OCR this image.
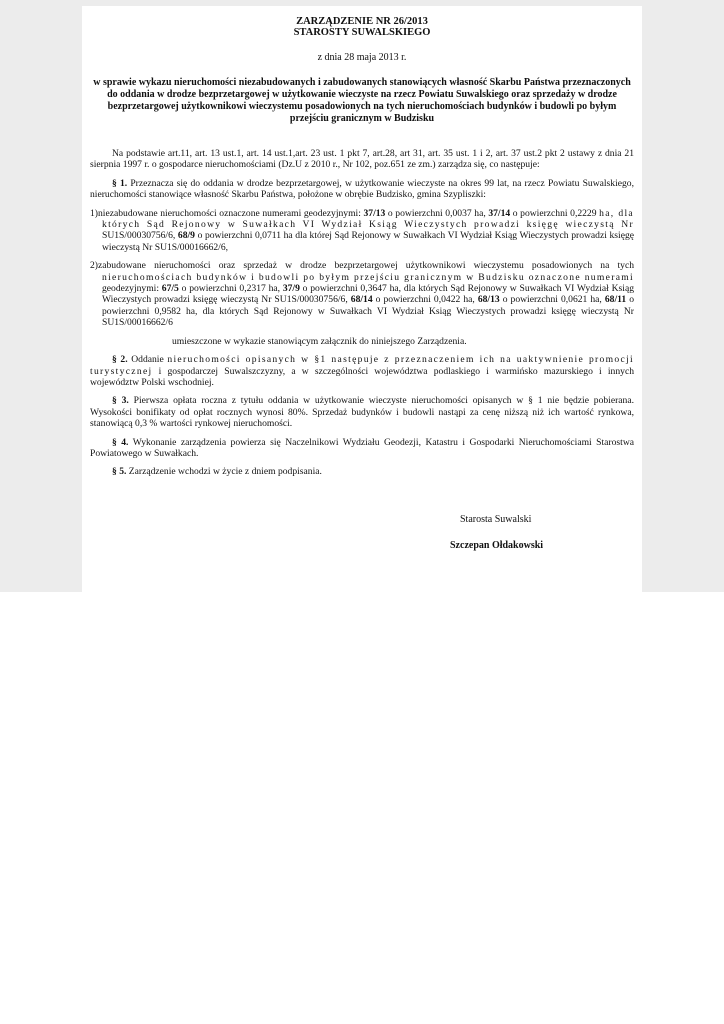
ZARZĄDZENIE NR 26/2013
STAROSTY SUWALSKIEGO
z dnia 28 maja 2013 r.
w sprawie wykazu nieruchomości niezabudowanych i zabudowanych stanowiących własność Skarbu Państwa przeznaczonych do oddania w drodze bezprzetargowej w użytkowanie wieczyste na rzecz Powiatu Suwalskiego oraz sprzedaży w drodze bezprzetargowej użytkownikowi wieczystemu posadowionych na tych nieruchomościach budynków i budowli po byłym przejściu granicznym w Budzisku

Na podstawie art.11, art. 13 ust.1, art. 14 ust.1,art. 23 ust. 1 pkt 7, art.28, art 31, art. 35 ust. 1 i 2, art. 37 ust.2 pkt 2 ustawy z dnia 21 sierpnia 1997 r. o gospodarce nieruchomościami (Dz.U z 2010 r., Nr 102, poz.651 ze zm.) zarządza się, co następuje:

§ 1. Przeznacza się do oddania w drodze bezprzetargowej, w użytkowanie wieczyste na okres 99 lat, na rzecz Powiatu Suwalskiego, nieruchomości stanowiące własność Skarbu Państwa, położone w obrębie Budzisko, gmina Szypliszki:

1)niezabudowane nieruchomości oznaczone numerami geodezyjnymi: 37/13 o powierzchni 0,0037 ha, 37/14 o powierzchni 0,2229 ha, dla których Sąd Rejonowy w Suwałkach VI Wydział Ksiąg Wieczystych prowadzi księgę wieczystą Nr SU1S/00030756/6, 68/9 o powierzchni 0,0711 ha dla której Sąd Rejonowy w Suwałkach VI Wydział Ksiąg Wieczystych prowadzi księgę wieczystą Nr SU1S/00016662/6,
2)zabudowane nieruchomości oraz sprzedaż w drodze bezprzetargowej użytkownikowi wieczystemu posadowionych na tych nieruchomościach budynków i budowli po byłym przejściu granicznym w Budzisku oznaczone numerami geodezyjnymi: 67/5 o powierzchni 0,2317 ha, 37/9 o powierzchni 0,3647 ha, dla których Sąd Rejonowy w Suwałkach VI Wydział Ksiąg Wieczystych prowadzi księgę wieczystą Nr SU1S/00030756/6, 68/14 o powierzchni 0,0422 ha, 68/13 o powierzchni 0,0621 ha, 68/11 o powierzchni 0,9582 ha, dla których Sąd Rejonowy w Suwałkach VI Wydział Ksiąg Wieczystych prowadzi księgę wieczystą Nr SU1S/00016662/6

umieszczone w wykazie stanowiącym załącznik do niniejszego Zarządzenia.

§ 2. Oddanie nieruchomości opisanych w §1 następuje z przeznaczeniem ich na uaktywnienie promocji turystycznej i gospodarczej Suwalszczyzny, a w szczególności województwa podlaskiego i warmińsko mazurskiego i innych województw Polski wschodniej.

§ 3. Pierwsza opłata roczna z tytułu oddania w użytkowanie wieczyste nieruchomości opisanych w § 1 nie będzie pobierana. Wysokości bonifikaty od opłat rocznych wynosi 80%. Sprzedaż budynków i budowli nastąpi za cenę niższą niż ich wartość rynkowa, stanowiącą 0,3 % wartości rynkowej nieruchomości.

§ 4. Wykonanie zarządzenia powierza się Naczelnikowi Wydziału Geodezji, Katastru i Gospodarki Nieruchomościami Starostwa Powiatowego w Suwałkach.

§ 5. Zarządzenie wchodzi w życie z dniem podpisania.

Starosta Suwalski
Szczepan Ołdakowski
